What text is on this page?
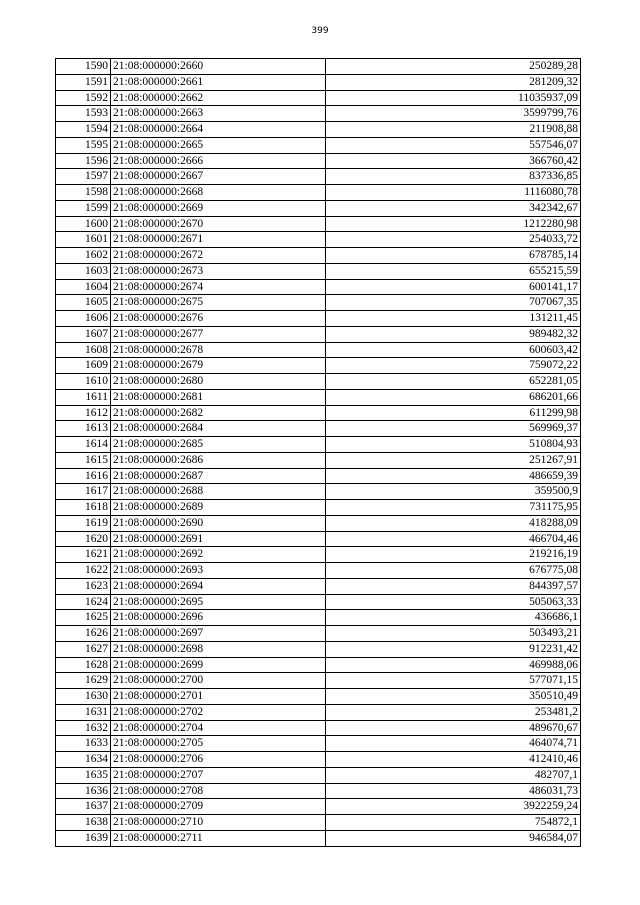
399
1590	21:08:000000:2660	250289,28
1591	21:08:000000:2661	281209,32
1592	21:08:000000:2662	11035937,09
1593	21:08:000000:2663	3599799,76
1594	21:08:000000:2664	211908,88
1595	21:08:000000:2665	557546,07
1596	21:08:000000:2666	366760,42
1597	21:08:000000:2667	837336,85
1598	21:08:000000:2668	1116080,78
1599	21:08:000000:2669	342342,67
1600	21:08:000000:2670	1212280,98
1601	21:08:000000:2671	254033,72
1602	21:08:000000:2672	678785,14
1603	21:08:000000:2673	655215,59
1604	21:08:000000:2674	600141,17
1605	21:08:000000:2675	707067,35
1606	21:08:000000:2676	131211,45
1607	21:08:000000:2677	989482,32
1608	21:08:000000:2678	600603,42
1609	21:08:000000:2679	759072,22
1610	21:08:000000:2680	652281,05
1611	21:08:000000:2681	686201,66
1612	21:08:000000:2682	611299,98
1613	21:08:000000:2684	569969,37
1614	21:08:000000:2685	510804,93
1615	21:08:000000:2686	251267,91
1616	21:08:000000:2687	486659,39
1617	21:08:000000:2688	359500,9
1618	21:08:000000:2689	731175,95
1619	21:08:000000:2690	418288,09
1620	21:08:000000:2691	466704,46
1621	21:08:000000:2692	219216,19
1622	21:08:000000:2693	676775,08
1623	21:08:000000:2694	844397,57
1624	21:08:000000:2695	505063,33
1625	21:08:000000:2696	436686,1
1626	21:08:000000:2697	503493,21
1627	21:08:000000:2698	912231,42
1628	21:08:000000:2699	469988,06
1629	21:08:000000:2700	577071,15
1630	21:08:000000:2701	350510,49
1631	21:08:000000:2702	253481,2
1632	21:08:000000:2704	489670,67
1633	21:08:000000:2705	464074,71
1634	21:08:000000:2706	412410,46
1635	21:08:000000:2707	482707,1
1636	21:08:000000:2708	486031,73
1637	21:08:000000:2709	3922259,24
1638	21:08:000000:2710	754872,1
1639	21:08:000000:2711	946584,07
